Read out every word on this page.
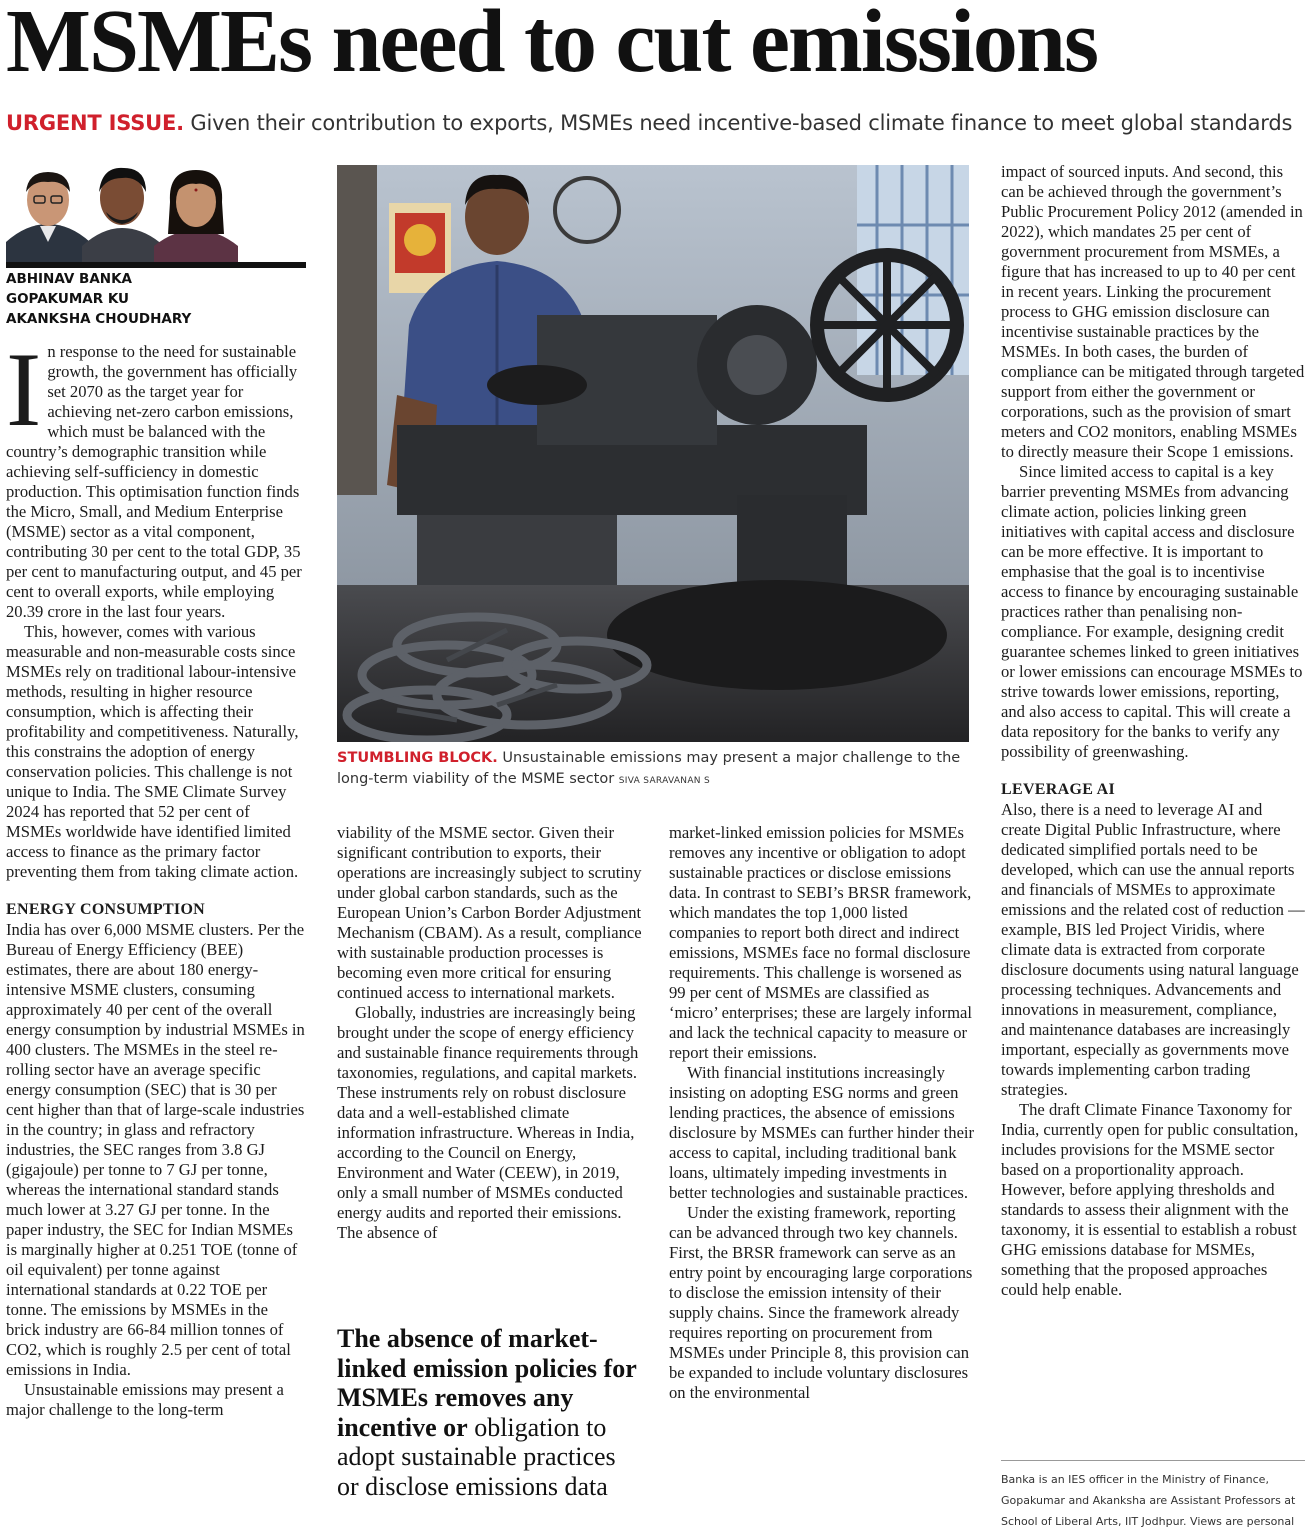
MSMEs need to cut emissions
URGENT ISSUE. Given their contribution to exports, MSMEs need incentive-based climate finance to meet global standards
ABHINAV BANKA
GOPAKUMAR KU
AKANKSHA CHOUDHARY

In response to the need for sustainable growth, the government has officially set 2070 as the target year for achieving net-zero carbon emissions, which must be balanced with the country’s demographic transition while achieving self-sufficiency in domestic production. This optimisation function finds the Micro, Small, and Medium Enterprise (MSME) sector as a vital component, contributing 30 per cent to the total GDP, 35 per cent to manufacturing output, and 45 per cent to overall exports, while employing 20.39 crore in the last four years.

This, however, comes with various measurable and non-measurable costs since MSMEs rely on traditional labour-intensive methods, resulting in higher resource consumption, which is affecting their profitability and competitiveness. Naturally, this constrains the adoption of energy conservation policies. This challenge is not unique to India. The SME Climate Survey 2024 has reported that 52 per cent of MSMEs worldwide have identified limited access to finance as the primary factor preventing them from taking climate action.

ENERGY CONSUMPTION

India has over 6,000 MSME clusters. Per the Bureau of Energy Efficiency (BEE) estimates, there are about 180 energy-intensive MSME clusters, consuming approximately 40 per cent of the overall energy consumption by industrial MSMEs in 400 clusters. The MSMEs in the steel re-rolling sector have an average specific energy consumption (SEC) that is 30 per cent higher than that of large-scale industries in the country; in glass and refractory industries, the SEC ranges from 3.8 GJ (gigajoule) per tonne to 7 GJ per tonne, whereas the international standard stands much lower at 3.27 GJ per tonne. In the paper industry, the SEC for Indian MSMEs is marginally higher at 0.251 TOE (tonne of oil equivalent) per tonne against international standards at 0.22 TOE per tonne. The emissions by MSMEs in the brick industry are 66-84 million tonnes of CO2, which is roughly 2.5 per cent of total emissions in India.

Unsustainable emissions may present a major challenge to the long-term

STUMBLING BLOCK. Unsustainable emissions may present a major challenge to the long-term viability of the MSME sector SIVA SARAVANAN S

viability of the MSME sector. Given their significant contribution to exports, their operations are increasingly subject to scrutiny under global carbon standards, such as the European Union’s Carbon Border Adjustment Mechanism (CBAM). As a result, compliance with sustainable production processes is becoming even more critical for ensuring continued access to international markets.

Globally, industries are increasingly being brought under the scope of energy efficiency and sustainable finance requirements through taxonomies, regulations, and capital markets. These instruments rely on robust disclosure data and a well-established climate information infrastructure. Whereas in India, according to the Council on Energy, Environment and Water (CEEW), in 2019, only a small number of MSMEs conducted energy audits and reported their emissions. The absence of

The absence of market-linked emission policies for MSMEs removes any incentive or obligation to adopt sustainable practices or disclose emissions data

market-linked emission policies for MSMEs removes any incentive or obligation to adopt sustainable practices or disclose emissions data. In contrast to SEBI’s BRSR framework, which mandates the top 1,000 listed companies to report both direct and indirect emissions, MSMEs face no formal disclosure requirements. This challenge is worsened as 99 per cent of MSMEs are classified as ‘micro’ enterprises; these are largely informal and lack the technical capacity to measure or report their emissions.

With financial institutions increasingly insisting on adopting ESG norms and green lending practices, the absence of emissions disclosure by MSMEs can further hinder their access to capital, including traditional bank loans, ultimately impeding investments in better technologies and sustainable practices.

Under the existing framework, reporting can be advanced through two key channels. First, the BRSR framework can serve as an entry point by encouraging large corporations to disclose the emission intensity of their supply chains. Since the framework already requires reporting on procurement from MSMEs under Principle 8, this provision can be expanded to include voluntary disclosures on the environmental

impact of sourced inputs. And second, this can be achieved through the government’s Public Procurement Policy 2012 (amended in 2022), which mandates 25 per cent of government procurement from MSMEs, a figure that has increased to up to 40 per cent in recent years. Linking the procurement process to GHG emission disclosure can incentivise sustainable practices by the MSMEs. In both cases, the burden of compliance can be mitigated through targeted support from either the government or corporations, such as the provision of smart meters and CO2 monitors, enabling MSMEs to directly measure their Scope 1 emissions.

Since limited access to capital is a key barrier preventing MSMEs from advancing climate action, policies linking green initiatives with capital access and disclosure can be more effective. It is important to emphasise that the goal is to incentivise access to finance by encouraging sustainable practices rather than penalising non-compliance. For example, designing credit guarantee schemes linked to green initiatives or lower emissions can encourage MSMEs to strive towards lower emissions, reporting, and also access to capital. This will create a data repository for the banks to verify any possibility of greenwashing.

LEVERAGE AI

Also, there is a need to leverage AI and create Digital Public Infrastructure, where dedicated simplified portals need to be developed, which can use the annual reports and financials of MSMEs to approximate emissions and the related cost of reduction — example, BIS led Project Viridis, where climate data is extracted from corporate disclosure documents using natural language processing techniques. Advancements and innovations in measurement, compliance, and maintenance databases are increasingly important, especially as governments move towards implementing carbon trading strategies.

The draft Climate Finance Taxonomy for India, currently open for public consultation, includes provisions for the MSME sector based on a proportionality approach. However, before applying thresholds and standards to assess their alignment with the taxonomy, it is essential to establish a robust GHG emissions database for MSMEs, something that the proposed approaches could help enable.

Banka is an IES officer in the Ministry of Finance, Gopakumar and Akanksha are Assistant Professors at School of Liberal Arts, IIT Jodhpur. Views are personal
